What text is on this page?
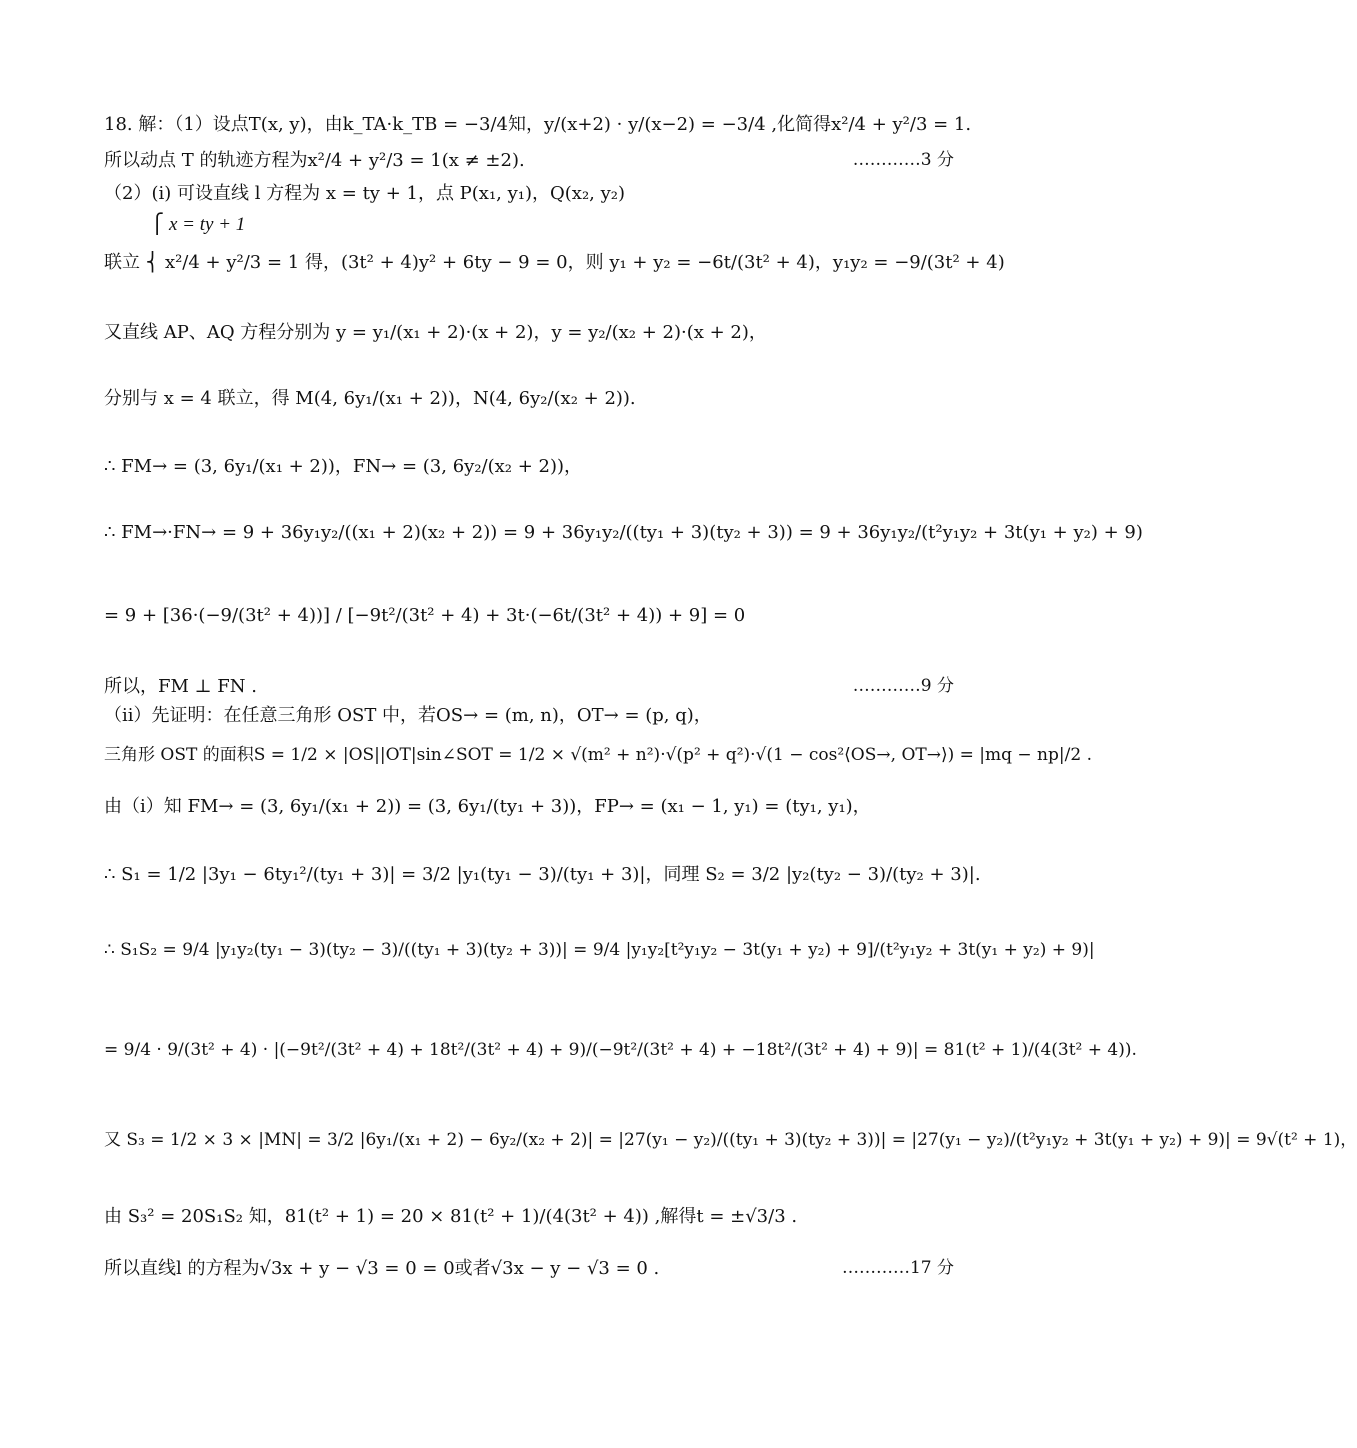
18. 解：（1）设点T(x, y)，由k_TA·k_TB = −3/4知，y/(x+2) · y/(x−2) = −3/4 ,化简得x²/4 + y²/3 = 1.
所以动点 T 的轨迹方程为x²/4 + y²/3 = 1(x ≠ ±2).	…………3 分
（2）(i) 可设直线 l 方程为 x = ty + 1，点 P(x₁, y₁)，Q(x₂, y₂)
⎧ x = ty + 1
联立 ⎨ x²/4 + y²/3 = 1 得，(3t² + 4)y² + 6ty − 9 = 0，则 y₁ + y₂ = −6t/(3t² + 4)，y₁y₂ = −9/(3t² + 4)
又直线 AP、AQ 方程分别为 y = y₁/(x₁ + 2)·(x + 2)，y = y₂/(x₂ + 2)·(x + 2)，
分别与 x = 4 联立，得 M(4, 6y₁/(x₁ + 2))，N(4, 6y₂/(x₂ + 2)).
∴ FM→ = (3, 6y₁/(x₁ + 2))，FN→ = (3, 6y₂/(x₂ + 2))，
∴ FM→·FN→ = 9 + 36y₁y₂/((x₁ + 2)(x₂ + 2)) = 9 + 36y₁y₂/((ty₁ + 3)(ty₂ + 3)) = 9 + 36y₁y₂/(t²y₁y₂ + 3t(y₁ + y₂) + 9)
= 9 + [36·(−9/(3t² + 4))] / [−9t²/(3t² + 4) + 3t·(−6t/(3t² + 4)) + 9] = 0
所以，FM ⊥ FN .	…………9 分
（ii）先证明：在任意三角形 OST 中，若OS→ = (m, n)，OT→ = (p, q)，
三角形 OST 的面积S = 1/2 × |OS||OT|sin∠SOT = 1/2 × √(m² + n²)·√(p² + q²)·√(1 − cos²⟨OS→, OT→⟩) = |mq − np|/2 .
由（i）知 FM→ = (3, 6y₁/(x₁ + 2)) = (3, 6y₁/(ty₁ + 3))，FP→ = (x₁ − 1, y₁) = (ty₁, y₁)，
∴ S₁ = 1/2 |3y₁ − 6ty₁²/(ty₁ + 3)| = 3/2 |y₁(ty₁ − 3)/(ty₁ + 3)|，同理 S₂ = 3/2 |y₂(ty₂ − 3)/(ty₂ + 3)|.
∴ S₁S₂ = 9/4 |y₁y₂(ty₁ − 3)(ty₂ − 3)/((ty₁ + 3)(ty₂ + 3))| = 9/4 |y₁y₂[t²y₁y₂ − 3t(y₁ + y₂) + 9]/(t²y₁y₂ + 3t(y₁ + y₂) + 9)|
= 9/4 · 9/(3t² + 4) · |(−9t²/(3t² + 4) + 18t²/(3t² + 4) + 9)/(−9t²/(3t² + 4) + −18t²/(3t² + 4) + 9)| = 81(t² + 1)/(4(3t² + 4)).
又 S₃ = 1/2 × 3 × |MN| = 3/2 |6y₁/(x₁ + 2) − 6y₂/(x₂ + 2)| = |27(y₁ − y₂)/((ty₁ + 3)(ty₂ + 3))| = |27(y₁ − y₂)/(t²y₁y₂ + 3t(y₁ + y₂) + 9)| = 9√(t² + 1)，
由 S₃² = 20S₁S₂ 知，81(t² + 1) = 20 × 81(t² + 1)/(4(3t² + 4)) ,解得t = ±√3/3 .
所以直线l 的方程为√3x + y − √3 = 0 = 0或者√3x − y − √3 = 0 .	…………17 分
